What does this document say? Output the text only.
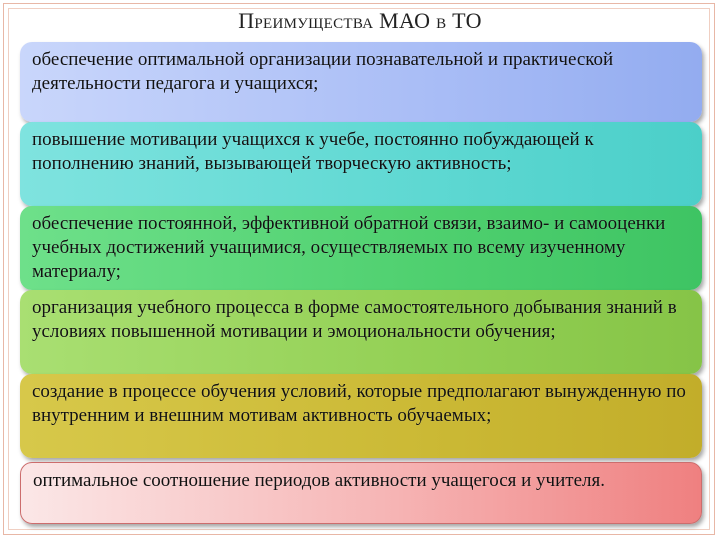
Преимущества МАО в ТО
обеспечение оптимальной организации познавательной и практической деятельности педагога и учащихся;
повышение мотивации учащихся к учебе, постоянно побуждающей к пополнению знаний, вызывающей творческую активность;
обеспечение постоянной, эффективной обратной связи, взаимо- и самооценки учебных достижений учащимися, осуществляемых по всему изученному материалу;
организация учебного процесса в форме самостоятельного добывания знаний в условиях повышенной мотивации и эмоциональности обучения;
создание в процессе обучения условий, которые предполагают вынужденную по внутренним и внешним мотивам активность обучаемых;
оптимальное соотношение периодов активности учащегося и учителя.
